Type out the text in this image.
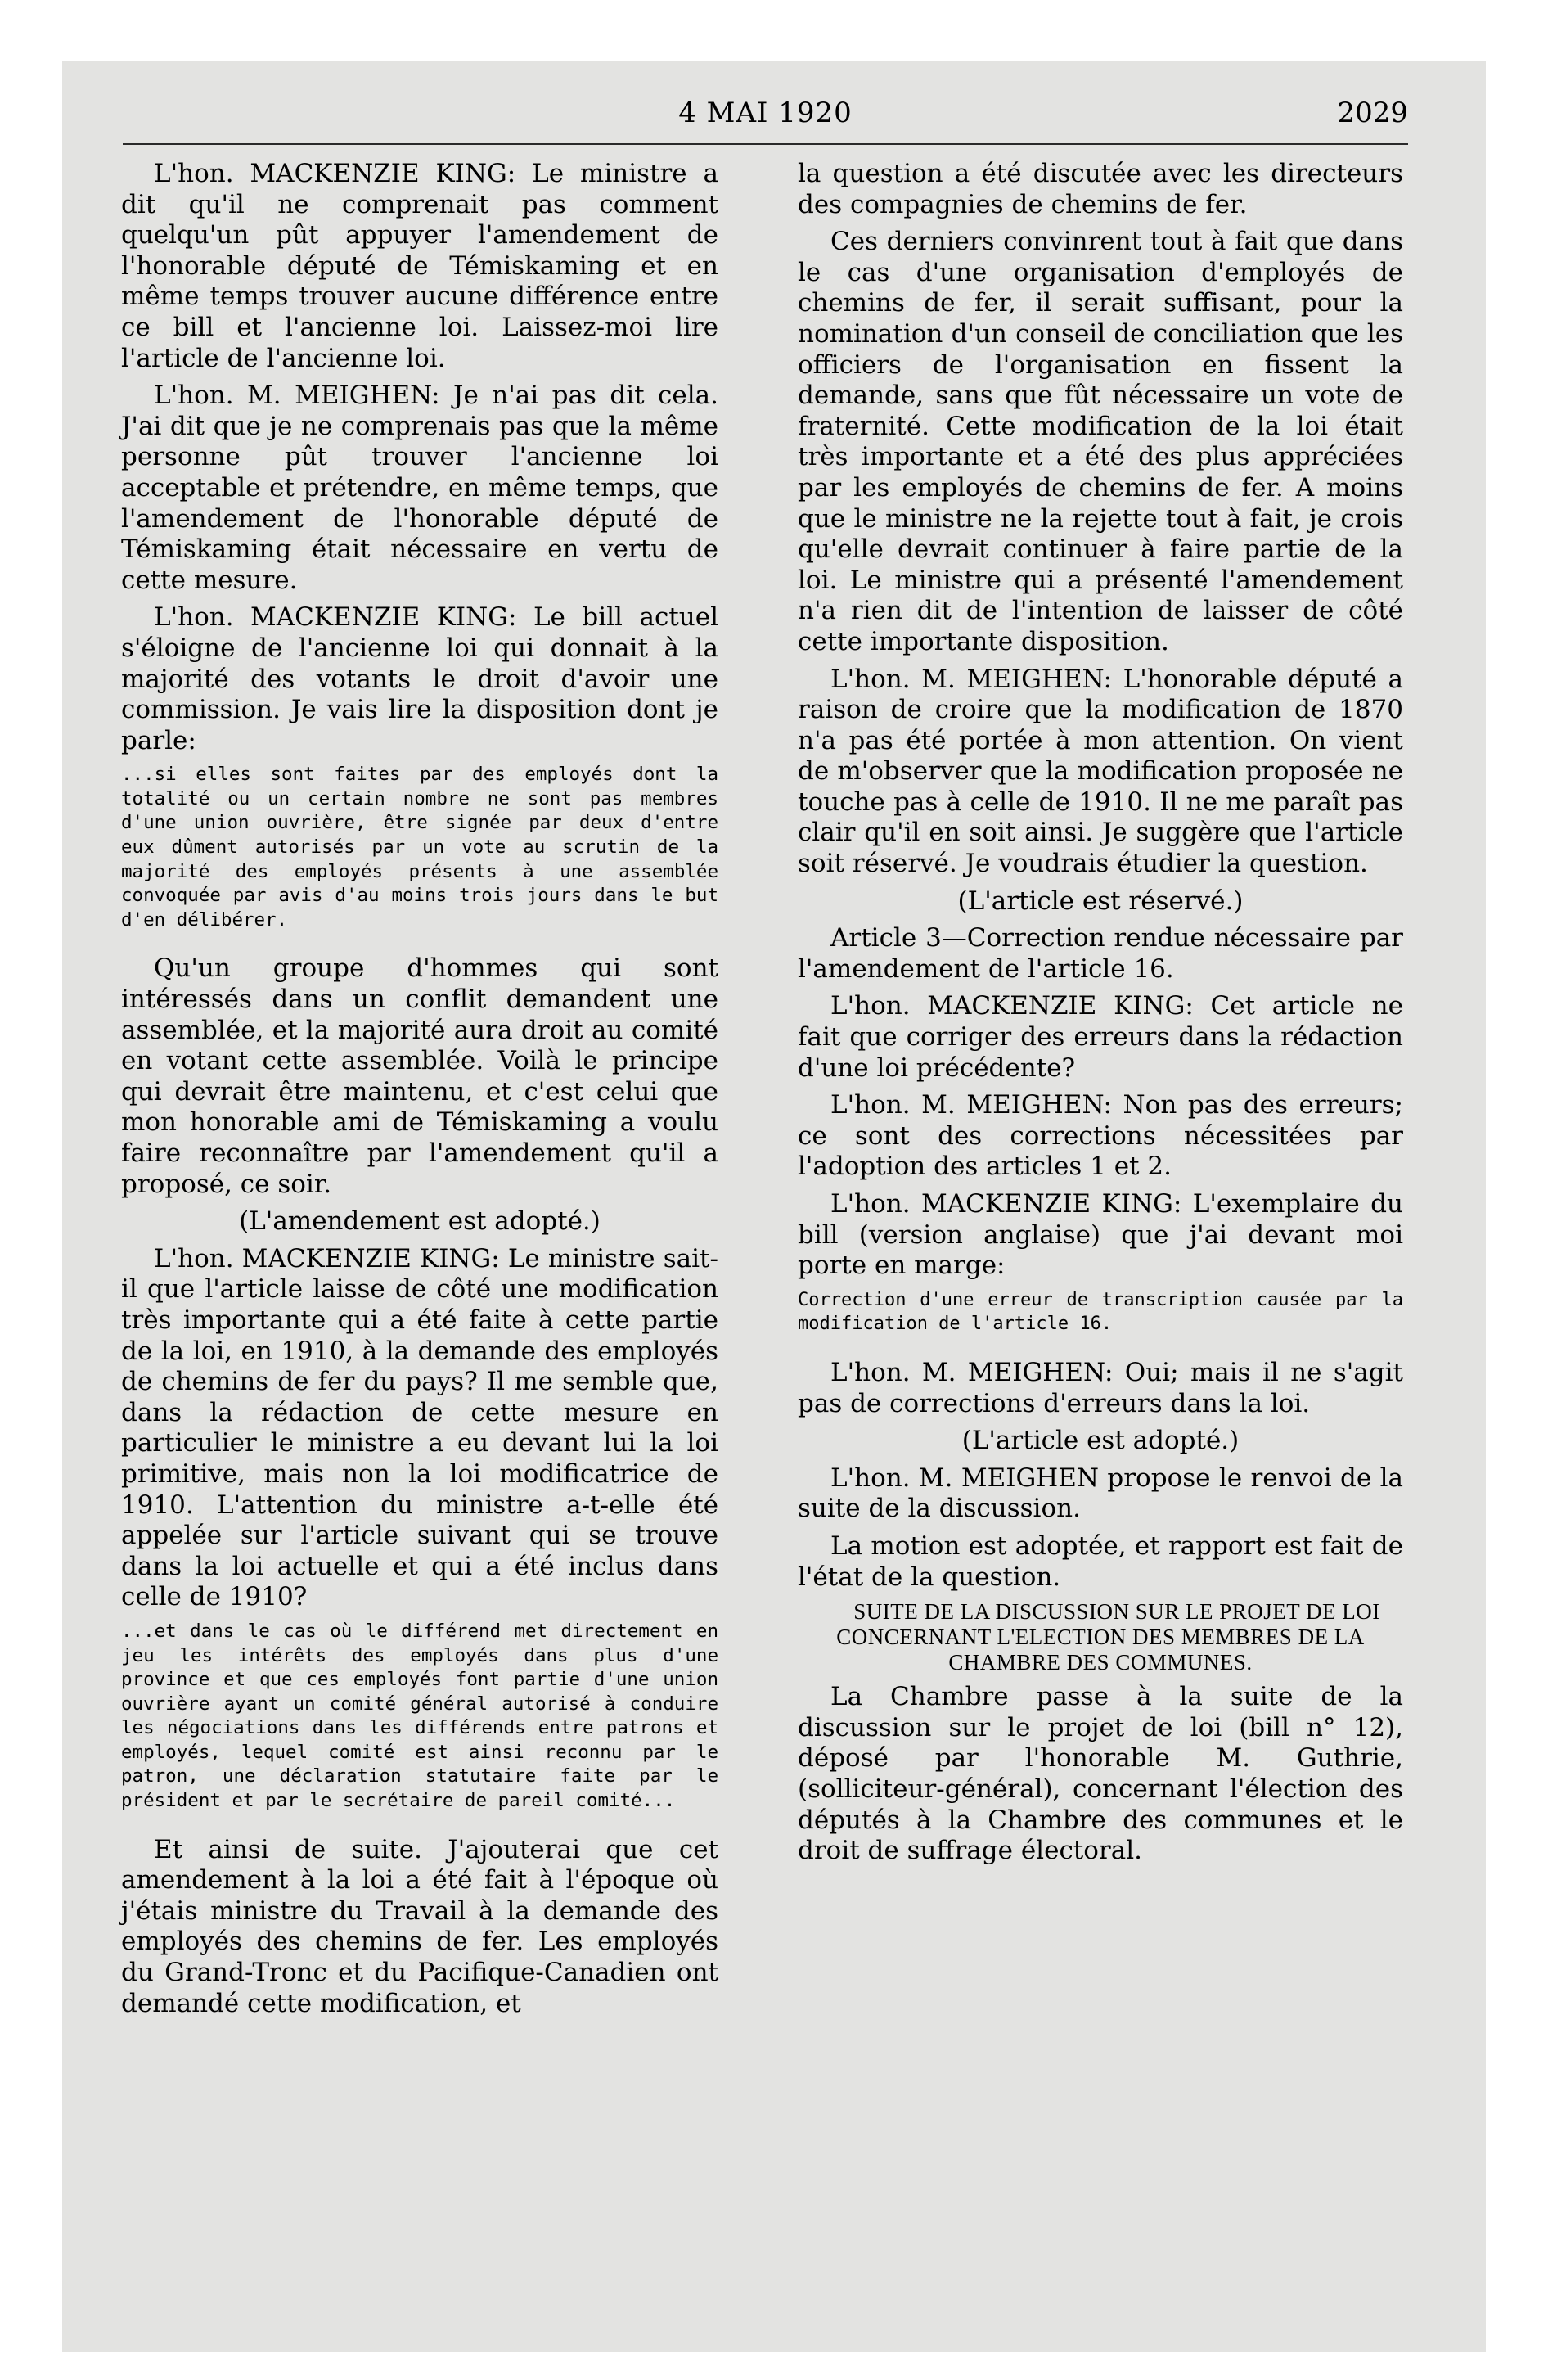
4 MAI 1920	2029

L'hon. MACKENZIE KING: Le ministre a dit qu'il ne comprenait pas comment quelqu'un pût appuyer l'amendement de l'honorable député de Témiskaming et en même temps trouver aucune différence entre ce bill et l'ancienne loi. Laissez-moi lire l'article de l'ancienne loi.

L'hon. M. MEIGHEN: Je n'ai pas dit cela. J'ai dit que je ne comprenais pas que la même personne pût trouver l'ancienne loi acceptable et prétendre, en même temps, que l'amendement de l'honorable député de Témiskaming était nécessaire en vertu de cette mesure.

L'hon. MACKENZIE KING: Le bill actuel s'éloigne de l'ancienne loi qui donnait à la majorité des votants le droit d'avoir une commission. Je vais lire la disposition dont je parle:

...si elles sont faites par des employés dont la totalité ou un certain nombre ne sont pas membres d'une union ouvrière, être signée par deux d'entre eux dûment autorisés par un vote au scrutin de la majorité des employés présents à une assemblée convoquée par avis d'au moins trois jours dans le but d'en délibérer.

Qu'un groupe d'hommes qui sont intéressés dans un conflit demandent une assemblée, et la majorité aura droit au comité en votant cette assemblée. Voilà le principe qui devrait être maintenu, et c'est celui que mon honorable ami de Témiskaming a voulu faire reconnaître par l'amendement qu'il a proposé, ce soir.

(L'amendement est adopté.)

L'hon. MACKENZIE KING: Le ministre sait-il que l'article laisse de côté une modification très importante qui a été faite à cette partie de la loi, en 1910, à la demande des employés de chemins de fer du pays? Il me semble que, dans la rédaction de cette mesure en particulier le ministre a eu devant lui la loi primitive, mais non la loi modificatrice de 1910. L'attention du ministre a-t-elle été appelée sur l'article suivant qui se trouve dans la loi actuelle et qui a été inclus dans celle de 1910?

...et dans le cas où le différend met directement en jeu les intérêts des employés dans plus d'une province et que ces employés font partie d'une union ouvrière ayant un comité général autorisé à conduire les négociations dans les différends entre patrons et employés, lequel comité est ainsi reconnu par le patron, une déclaration statutaire faite par le président et par le secrétaire de pareil comité...

Et ainsi de suite. J'ajouterai que cet amendement à la loi a été fait à l'époque où j'étais ministre du Travail à la demande des employés des chemins de fer. Les employés du Grand-Tronc et du Pacifique-Canadien ont demandé cette modification, et

la question a été discutée avec les directeurs des compagnies de chemins de fer.

Ces derniers convinrent tout à fait que dans le cas d'une organisation d'employés de chemins de fer, il serait suffisant, pour la nomination d'un conseil de conciliation que les officiers de l'organisation en fissent la demande, sans que fût nécessaire un vote de fraternité. Cette modification de la loi était très importante et a été des plus appréciées par les employés de chemins de fer. A moins que le ministre ne la rejette tout à fait, je crois qu'elle devrait continuer à faire partie de la loi. Le ministre qui a présenté l'amendement n'a rien dit de l'intention de laisser de côté cette importante disposition.

L'hon. M. MEIGHEN: L'honorable député a raison de croire que la modification de 1870 n'a pas été portée à mon attention. On vient de m'observer que la modification proposée ne touche pas à celle de 1910. Il ne me paraît pas clair qu'il en soit ainsi. Je suggère que l'article soit réservé. Je voudrais étudier la question.

(L'article est réservé.)

Article 3—Correction rendue nécessaire par l'amendement de l'article 16.

L'hon. MACKENZIE KING: Cet article ne fait que corriger des erreurs dans la rédaction d'une loi précédente?

L'hon. M. MEIGHEN: Non pas des erreurs; ce sont des corrections nécessitées par l'adoption des articles 1 et 2.

L'hon. MACKENZIE KING: L'exemplaire du bill (version anglaise) que j'ai devant moi porte en marge:

Correction d'une erreur de transcription causée par la modification de l'article 16.

L'hon. M. MEIGHEN: Oui; mais il ne s'agit pas de corrections d'erreurs dans la loi.

(L'article est adopté.)

L'hon. M. MEIGHEN propose le renvoi de la suite de la discussion.

La motion est adoptée, et rapport est fait de l'état de la question.

SUITE DE LA DISCUSSION SUR LE PROJET DE LOI CONCERNANT L'ELECTION DES MEMBRES DE LA CHAMBRE DES COMMUNES.

La Chambre passe à la suite de la discussion sur le projet de loi (bill n° 12), déposé par l'honorable M. Guthrie, (solliciteur-général), concernant l'élection des députés à la Chambre des communes et le droit de suffrage électoral.
